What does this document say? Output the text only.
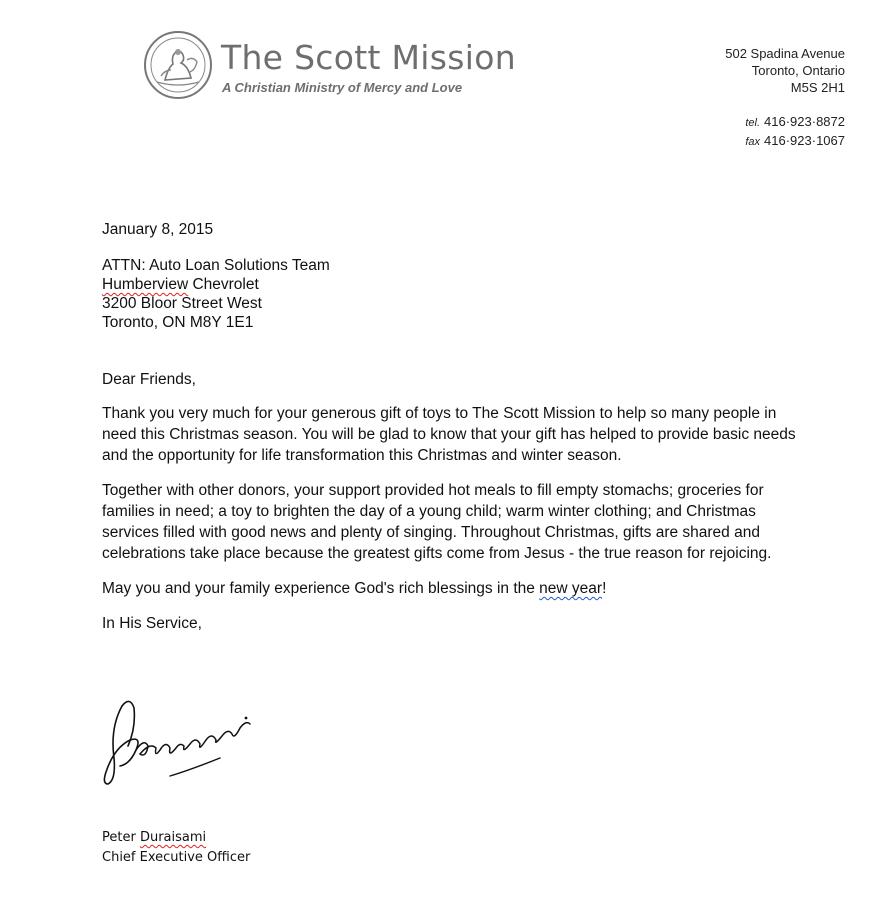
The Scott Mission
A Christian Ministry of Mercy and Love
502 Spadina Avenue
Toronto, Ontario
M5S 2H1
tel. 416·923·8872
fax 416·923·1067

January 8, 2015

ATTN: Auto Loan Solutions Team
Humberview Chevrolet
3200 Bloor Street West
Toronto, ON M8Y 1E1

Dear Friends,

Thank you very much for your generous gift of toys to The Scott Mission to help so many people in need this Christmas season. You will be glad to know that your gift has helped to provide basic needs and the opportunity for life transformation this Christmas and winter season.

Together with other donors, your support provided hot meals to fill empty stomachs; groceries for families in need; a toy to brighten the day of a young child; warm winter clothing; and Christmas services filled with good news and plenty of singing. Throughout Christmas, gifts are shared and celebrations take place because the greatest gifts come from Jesus - the true reason for rejoicing.

May you and your family experience God's rich blessings in the new year!

In His Service,

Peter Duraisami
Chief Executive Officer
